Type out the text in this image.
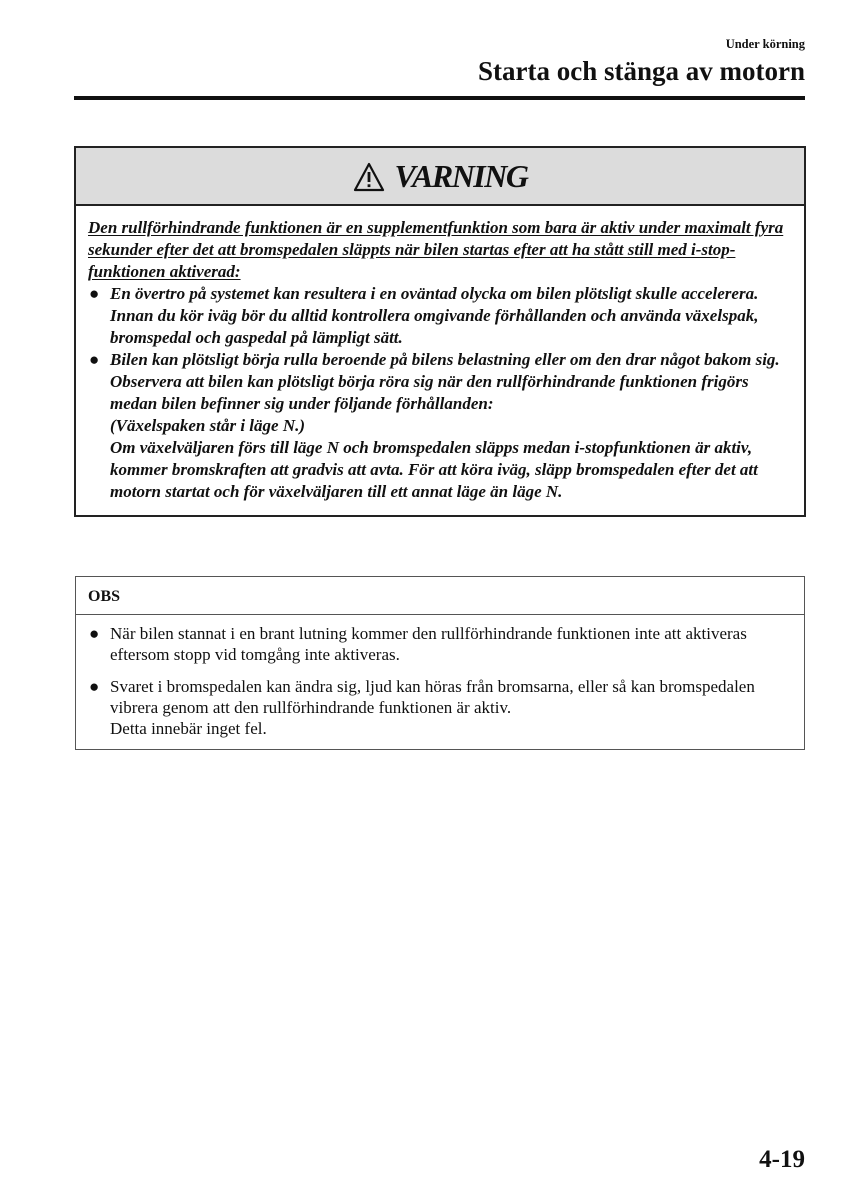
Under körning
Starta och stänga av motorn
VARNING
Den rullförhindrande funktionen är en supplementfunktion som bara är aktiv under maximalt fyra sekunder efter det att bromspedalen släppts när bilen startas efter att ha stått still med i-stop-funktionen aktiverad:
● En övertro på systemet kan resultera i en oväntad olycka om bilen plötsligt skulle accelerera. Innan du kör iväg bör du alltid kontrollera omgivande förhållanden och använda växelspak, bromspedal och gaspedal på lämpligt sätt.
● Bilen kan plötsligt börja rulla beroende på bilens belastning eller om den drar något bakom sig. Observera att bilen kan plötsligt börja röra sig när den rullförhindrande funktionen frigörs medan bilen befinner sig under följande förhållanden:
(Växelspaken står i läge N.)
Om växelväljaren förs till läge N och bromspedalen släpps medan i-stopfunktionen är aktiv, kommer bromskraften att gradvis att avta. För att köra iväg, släpp bromspedalen efter det att motorn startat och för växelväljaren till ett annat läge än läge N.
OBS
● När bilen stannat i en brant lutning kommer den rullförhindrande funktionen inte att aktiveras eftersom stopp vid tomgång inte aktiveras.
● Svaret i bromspedalen kan ändra sig, ljud kan höras från bromsarna, eller så kan bromspedalen vibrera genom att den rullförhindrande funktionen är aktiv.
Detta innebär inget fel.
4-19
